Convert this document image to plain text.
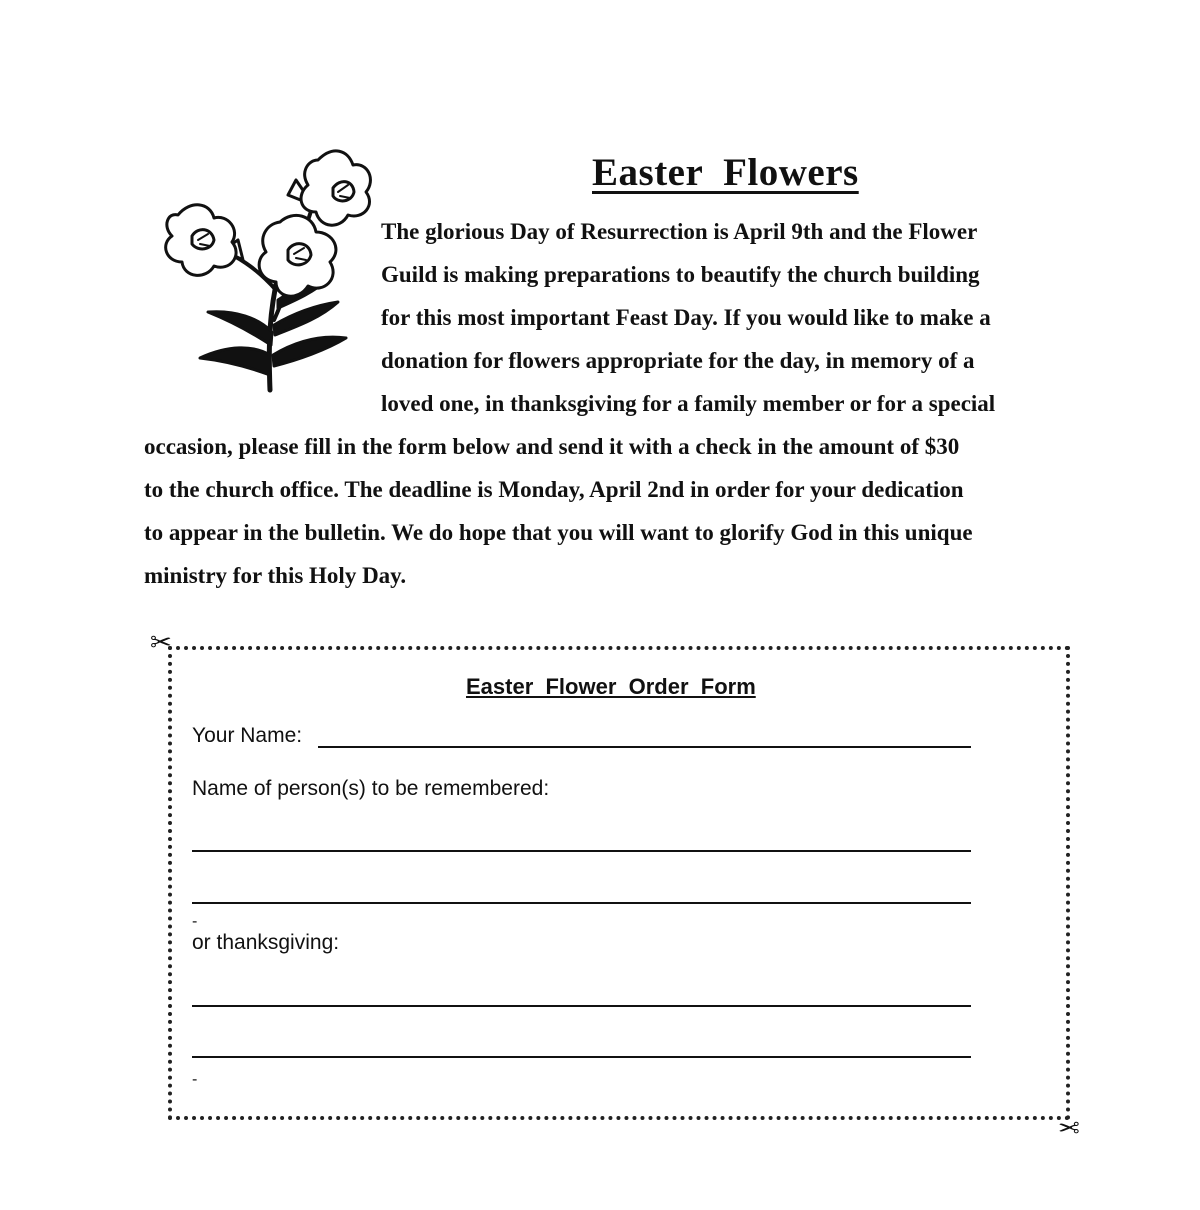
Easter  Flowers

The glorious Day of Resurrection is April 9th and the Flower

Guild is making preparations to beautify the church building

for this most important Feast Day. If you would like to make a

donation for flowers appropriate for the day, in memory of a

loved one, in thanksgiving for a family member or for a special

occasion, please fill in the form below and send it with a check in the amount of $30

to the church office. The deadline is Monday, April 2nd in order for your dedication

to appear in the bulletin. We do hope that you will want to glorify God in this unique

ministry for this Holy Day.

✂
✂
Easter  Flower  Order  Form

Your Name:

Name of person(s) to be remembered:

or thanksgiving:

-
-
